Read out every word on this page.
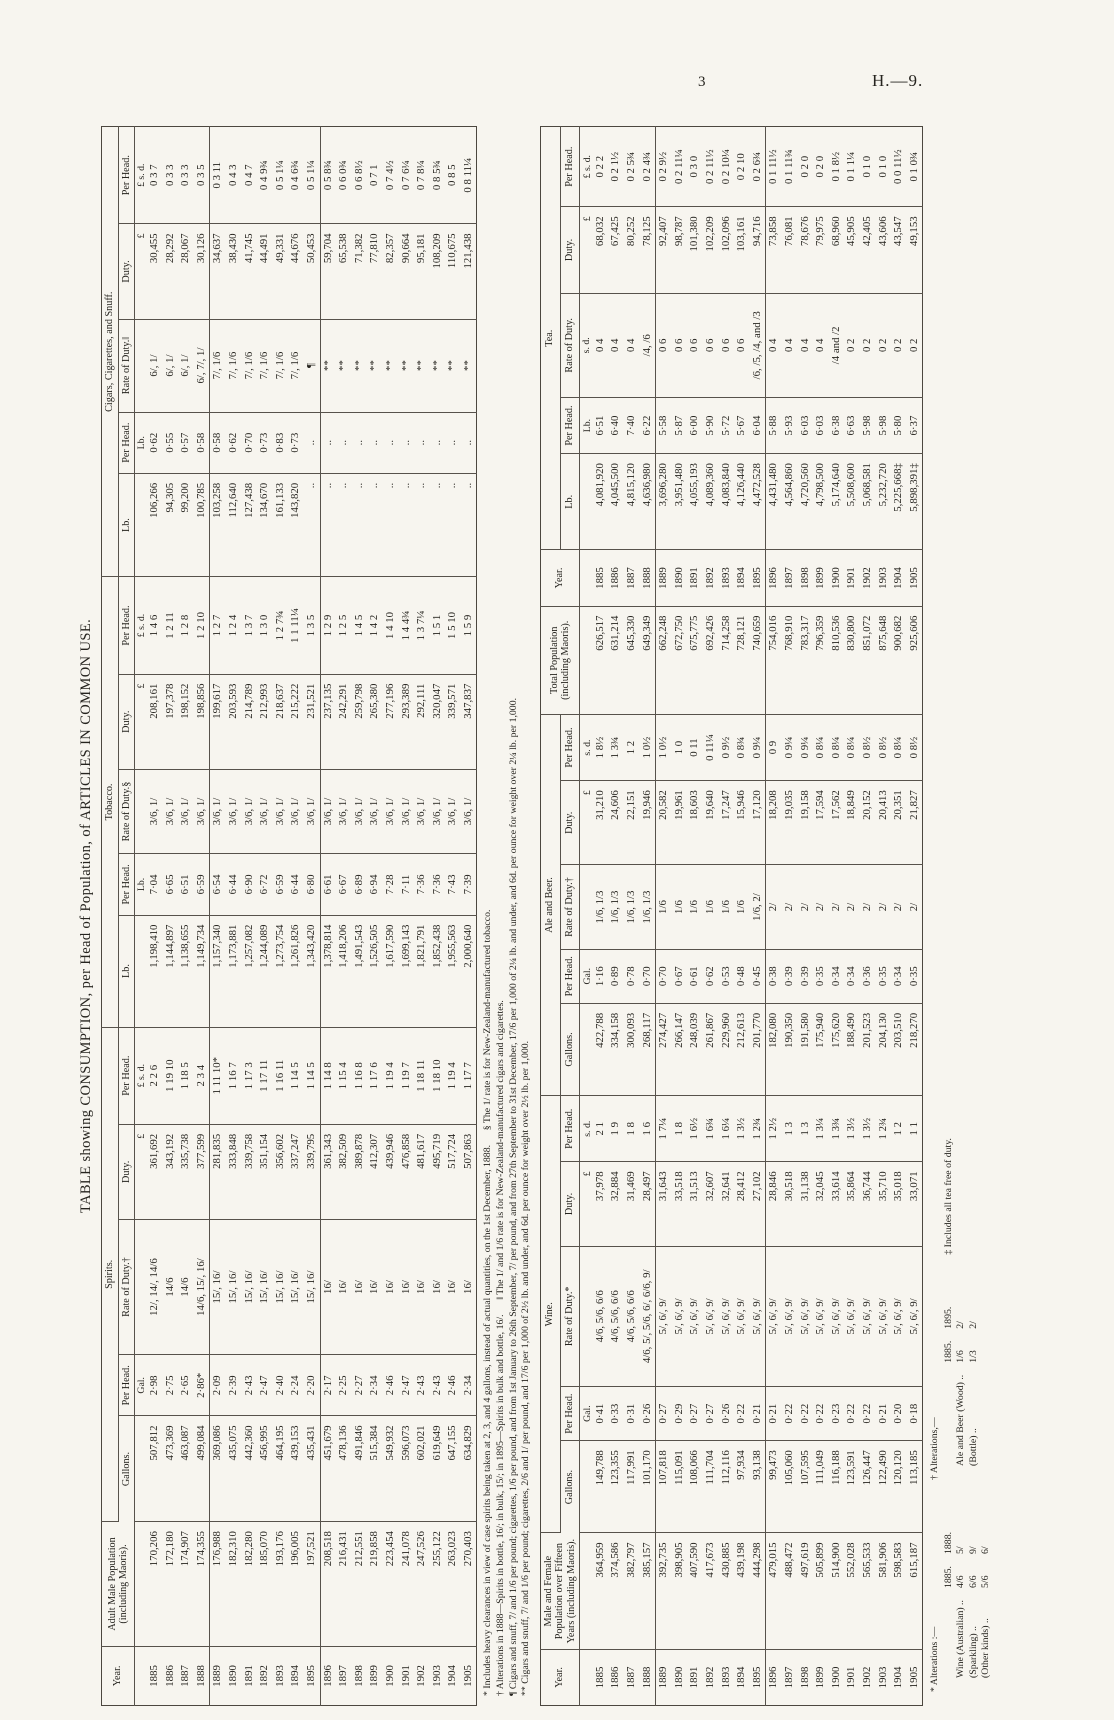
3	H.—9.
TABLE showing CONSUMPTION, per Head of Population, of ARTICLES IN COMMON USE.
Year.	Adult Male Population (including Maoris).	Spirits.					Tobacco.					Cigars, Cigarettes, and Snuff.				
		Gallons.	Per Head.	Rate of Duty.†	Duty.	Per Head.	Lb.	Per Head.	Rate of Duty.§	Duty.	Per Head.	Lb.	Per Head.	Rate of Duty.‖	Duty.	Per Head.
			Gal.		£	£ s. d.		Lb.		£	£ s. d.		Lb.		£	£ s. d.
1885	170,206	507,812	2·98	12/, 14/, 14/6	361,692	2 2 6	1,198,410	7·04	3/6, 1/	208,161	1 4 6	106,266	0·62	6/, 1/	30,455	0 3 7
1886	172,180	473,369	2·75	14/6	343,192	1 19 10	1,144,897	6·65	3/6, 1/	197,378	1 2 11	94,305	0·55	6/, 1/	28,292	0 3 3
1887	174,907	463,087	2·65	14/6	335,738	1 18 5	1,138,655	6·51	3/6, 1/	198,152	1 2 8	99,200	0·57	6/, 1/	28,067	0 3 3
1888	174,355	499,084	2·86*	14/6, 15/, 16/	377,599	2 3 4	1,149,734	6·59	3/6, 1/	198,856	1 2 10	100,785	0·58	6/, 7/, 1/	30,126	0 3 5
1889	176,988	369,086	2·09	15/, 16/	281,835	1 11 10*	1,157,340	6·54	3/6, 1/	199,617	1 2 7	103,258	0·58	7/, 1/6	34,637	0 3 11
1890	182,310	435,075	2·39	15/, 16/	333,848	1 16 7	1,173,881	6·44	3/6, 1/	203,593	1 2 4	112,640	0·62	7/, 1/6	38,430	0 4 3
1891	182,280	442,360	2·43	15/, 16/	339,758	1 17 3	1,257,082	6·90	3/6, 1/	214,789	1 3 7	127,438	0·70	7/, 1/6	41,745	0 4 7
1892	185,070	456,995	2·47	15/, 16/	351,154	1 17 11	1,244,089	6·72	3/6, 1/	212,993	1 3 0	134,670	0·73	7/, 1/6	44,491	0 4 9¾
1893	193,176	464,195	2·40	15/, 16/	356,602	1 16 11	1,273,754	6·59	3/6, 1/	218,637	1 2 7¾	161,133	0·83	7/, 1/6	49,331	0 5 1¼
1894	196,005	439,153	2·24	15/, 16/	337,247	1 14 5	1,261,826	6·44	3/6, 1/	215,222	1 1 11¼	143,820	0·73	7/, 1/6	44,676	0 4 6¾
1895	197,521	435,431	2·20	15/, 16/	339,795	1 14 5	1,343,420	6·80	3/6, 1/	231,521	1 3 5	..	..	¶	50,453	0 5 1¼
1896	208,518	451,679	2·17	16/	361,343	1 14 8	1,378,814	6·61	3/6, 1/	237,135	1 2 9	..	..	**	59,704	0 5 8¾
1897	216,431	478,136	2·25	16/	382,509	1 15 4	1,418,206	6·67	3/6, 1/	242,291	1 2 5	..	..	**	65,538	0 6 0¾
1898	212,551	491,846	2·27	16/	389,878	1 16 8	1,491,543	6·89	3/6, 1/	259,798	1 4 5	..	..	**	71,382	0 6 8½
1899	219,858	515,384	2·34	16/	412,307	1 17 6	1,526,505	6·94	3/6, 1/	265,380	1 4 2	..	..	**	77,810	0 7 1
1900	223,454	549,932	2·46	16/	439,946	1 19 4	1,617,590	7·28	3/6, 1/	277,196	1 4 10	..	..	**	82,357	0 7 4½
1901	241,078	596,073	2·47	16/	476,858	1 19 7	1,699,143	7·11	3/6, 1/	293,389	1 4 4¾	..	..	**	90,664	0 7 6¼
1902	247,526	602,021	2·43	16/	481,617	1 18 11	1,821,791	7·36	3/6, 1/	292,111	1 3 7¼	..	..	**	95,181	0 7 8¼
1903	255,122	619,649	2·43	16/	495,719	1 18 10	1,852,438	7·36	3/6, 1/	320,047	1 5 1	..	..	**	108,209	0 8 5¾
1904	263,023	647,155	2·46	16/	517,724	1 19 4	1,955,563	7·43	3/6, 1/	339,571	1 5 10	..	..	**	110,675	0 8 5
1905	270,403	634,829	2·34	16/	507,863	1 17 7	2,000,640	7·39	3/6, 1/	347,837	1 5 9	..	..	**	121,438	0 8 11¼
* Includes heavy clearances in view of case spirits being taken at 2, 3, and 4 gallons, instead of actual quantities, on the 1st December, 1888.      § The 1/ rate is for New-Zealand-manufactured tobacco. † Alterations in 1888—Spirits in bottle, 16/; in bulk, 15/; in 1895—Spirits in bulk and bottle, 16/.      ‖ The 1/ and 1/6 rate is for New-Zealand-manufactured cigars and cigarettes. ¶ Cigars and snuff, 7/ and 1/6 per pound; cigarettes, 1/6 per pound, and from 1st January to 26th September, 7/ per pound, and from 27th September to 31st December, 17/6 per 1,000 of 2¼ lb. and under, and 6d. per ounce for weight over 2¼ lb. per 1,000. ** Cigars and snuff, 7/ and 1/6 per pound; cigarettes, 2/6 and 1/ per pound, and 17/6 per 1,000 of 2½ lb. and under, and 6d. per ounce for weight over 2½ lb. per 1,000. Year.	Male and Female Population over Fifteen Years (including Maoris).	Wine.					Ale and Beer.					Total Population (including Maoris).	Year.	Tea.				
		Gallons.	Per Head.	Rate of Duty.*	Duty.	Per Head.	Gallons.	Per Head.	Rate of Duty.†	Duty.	Per Head.			Lb.	Per Head.	Rate of Duty.	Duty.	Per Head.
			Gal.		£	s. d.		Gal.		£	s. d.				Lb.	s. d.	£	£ s. d.
1885	364,959	149,788	0·41	4/6, 5/6, 6/6	37,978	2 1	422,788	1·16	1/6, 1/3	31,210	1 8½	626,517	1885	4,081,920	6·51	0 4	68,032	0 2 2
1886	374,586	123,355	0·33	4/6, 5/6, 6/6	32,884	1 9	334,158	0·89	1/6, 1/3	24,606	1 3¾	631,214	1886	4,045,500	6·40	0 4	67,425	0 2 1½
1887	382,797	117,991	0·31	4/6, 5/6, 6/6	31,469	1 8	300,093	0·78	1/6, 1/3	22,151	1 2	645,330	1887	4,815,120	7·40	0 4	80,252	0 2 5¾
1888	385,157	101,170	0·26	4/6, 5/, 5/6, 6/, 6/6, 9/	28,497	1 6	268,117	0·70	1/6, 1/3	19,946	1 0½	649,349	1888	4,636,980	6·22	/4, /6	78,125	0 2 4¾
1889	392,735	107,818	0·27	5/, 6/, 9/	31,643	1 7¼	274,427	0·70	1/6	20,582	1 0½	662,248	1889	3,696,280	5·58	0 6	92,407	0 2 9½
1890	398,905	115,091	0·29	5/, 6/, 9/	33,518	1 8	266,147	0·67	1/6	19,961	1 0	672,750	1890	3,951,480	5·87	0 6	98,787	0 2 11¼
1891	407,590	108,066	0·27	5/, 6/, 9/	31,513	1 6½	248,039	0·61	1/6	18,603	0 11	675,775	1891	4,055,193	6·00	0 6	101,380	0 3 0
1892	417,673	111,704	0·27	5/, 6/, 9/	32,607	1 6¾	261,867	0·62	1/6	19,640	0 11¼	692,426	1892	4,089,360	5·90	0 6	102,209	0 2 11½
1893	430,885	112,116	0·26	5/, 6/, 9/	32,641	1 6¼	229,960	0·53	1/6	17,247	0 9½	714,258	1893	4,083,840	5·72	0 6	102,096	0 2 10¼
1894	439,198	97,934	0·22	5/, 6/, 9/	28,412	1 3½	212,613	0·48	1/6	15,946	0 8¾	728,121	1894	4,126,440	5·67	0 6	103,161	0 2 10
1895	444,298	93,138	0·21	5/, 6/, 9/	27,102	1 2¾	201,770	0·45	1/6, 2/	17,120	0 9¼	740,659	1895	4,472,528	6·04	/6, /5, /4, and /3	94,716	0 2 6¾
1896	479,015	99,473	0·21	5/, 6/, 9/	28,846	1 2½	182,080	0·38	2/	18,208	0 9	754,016	1896	4,431,480	5·88	0 4	73,858	0 1 11½
1897	488,472	105,060	0·22	5/, 6/, 9/	30,518	1 3	190,350	0·39	2/	19,035	0 9¼	768,910	1897	4,564,860	5·93	0 4	76,081	0 1 11¾
1898	497,619	107,595	0·22	5/, 6/, 9/	31,138	1 3	191,580	0·39	2/	19,158	0 9¼	783,317	1898	4,720,560	6·03	0 4	78,676	0 2 0
1899	505,899	111,049	0·22	5/, 6/, 9/	32,045	1 3¼	175,940	0·35	2/	17,594	0 8¼	796,359	1899	4,798,500	6·03	0 4	79,975	0 2 0
1900	514,900	116,188	0·23	5/, 6/, 9/	33,614	1 3¾	175,620	0·34	2/	17,562	0 8¼	810,536	1900	5,174,640	6·38	/4 and /2	68,960	0 1 8½
1901	552,028	123,591	0·22	5/, 6/, 9/	35,864	1 3½	188,490	0·34	2/	18,849	0 8¼	830,800	1901	5,508,600	6·63	0 2	45,905	0 1 1¼
1902	565,533	126,447	0·22	5/, 6/, 9/	36,744	1 3½	201,523	0·36	2/	20,152	0 8½	851,072	1902	5,068,581	5·98	0 2	42,405	0 1 0
1903	581,906	122,490	0·21	5/, 6/, 9/	35,710	1 2¾	204,130	0·35	2/	20,413	0 8½	875,648	1903	5,232,720	5·98	0 2	43,606	0 1 0
1904	598,583	120,120	0·20	5/, 6/, 9/	35,018	1 2	203,510	0·34	2/	20,351	0 8¼	900,682	1904	5,225,668‡	5·80	0 2	43,547	0 0 11½
1905	615,187	113,185	0·18	5/, 6/, 9/	33,071	1 1	218,270	0·35	2/	21,827	0 8½	925,606	1905	5,898,391‡	6·37	0 2	49,153	0 1 0¾
* Alterations :—
	1885.	1888.
Wine (Australian) ..	4/6	5/
(Sparkling) ..	6/6	9/
(Other kinds) ..	5/6	6/
† Alterations,—
	1885.	1895.
Ale and Beer (Wood) ..	1/6	2/
(Bottle) ..	1/3	2/
‡ Includes all tea free of duty.
